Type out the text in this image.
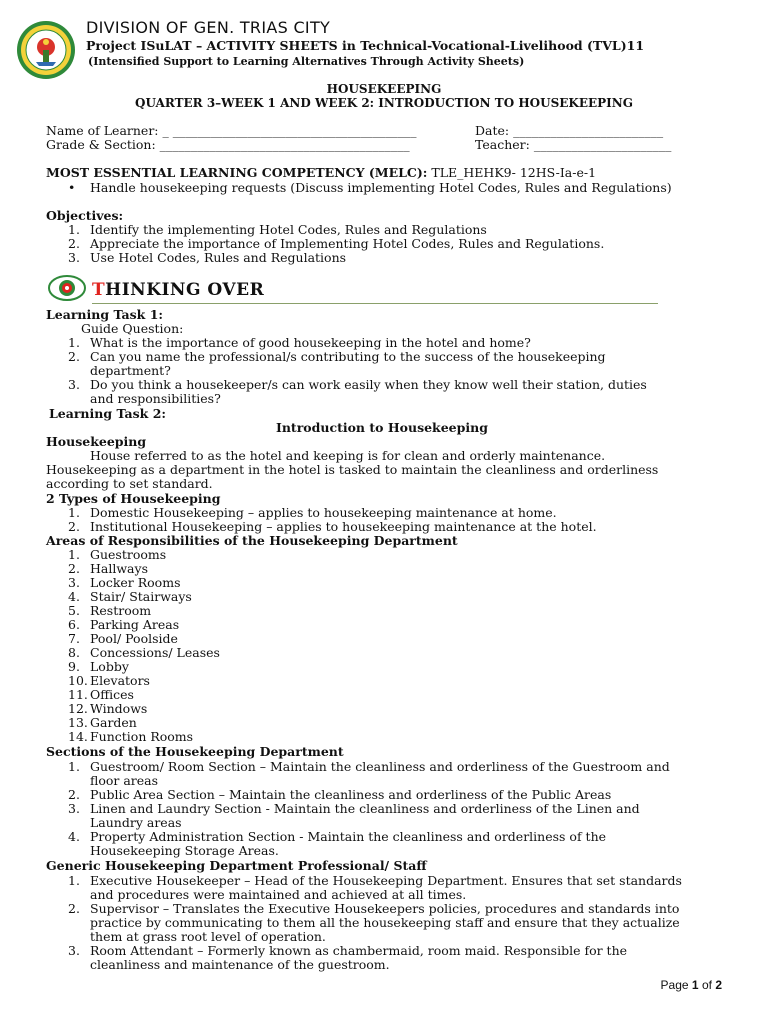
DIVISION OF GEN. TRIAS CITY
Project ISuLAT – ACTIVITY SHEETS in Technical-Vocational-Livelihood (TVL)11
(Intensified Support to Learning Alternatives Through Activity Sheets)
HOUSEKEEPING
QUARTER 3–WEEK 1 AND WEEK 2: INTRODUCTION TO HOUSEKEEPING
Name of Learner: _ _______________________________________	Date: ________________________
Grade & Section: ________________________________________	Teacher: ______________________
MOST ESSENTIAL LEARNING COMPETENCY (MELC): TLE_HEHK9- 12HS-Ia-e-1
• Handle housekeeping requests (Discuss implementing Hotel Codes, Rules and Regulations)
Objectives:
1. Identify the implementing Hotel Codes, Rules and Regulations
2. Appreciate the importance of Implementing Hotel Codes, Rules and Regulations.
3. Use Hotel Codes, Rules and Regulations
THINKING OVER
Learning Task 1:
Guide Question:
1. What is the importance of good housekeeping in the hotel and home?
2. Can you name the professional/s contributing to the success of the housekeeping
department?
3. Do you think a housekeeper/s can work easily when they know well their station, duties
and responsibilities?
Learning Task 2:
Introduction to Housekeeping
Housekeeping
House referred to as the hotel and keeping is for clean and orderly maintenance.
Housekeeping as a department in the hotel is tasked to maintain the cleanliness and orderliness
according to set standard.
2 Types of Housekeeping
1. Domestic Housekeeping – applies to housekeeping maintenance at home.
2. Institutional Housekeeping – applies to housekeeping maintenance at the hotel.
Areas of Responsibilities of the Housekeeping Department
1. Guestrooms
2. Hallways
3. Locker Rooms
4. Stair/ Stairways
5. Restroom
6. Parking Areas
7. Pool/ Poolside
8. Concessions/ Leases
9. Lobby
10. Elevators
11. Offices
12. Windows
13. Garden
14. Function Rooms
Sections of the Housekeeping Department
1. Guestroom/ Room Section – Maintain the cleanliness and orderliness of the Guestroom and
floor areas
2. Public Area Section – Maintain the cleanliness and orderliness of the Public Areas
3. Linen and Laundry Section - Maintain the cleanliness and orderliness of the Linen and
Laundry areas
4. Property Administration Section - Maintain the cleanliness and orderliness of the
Housekeeping Storage Areas.
Generic Housekeeping Department Professional/ Staff
1. Executive Housekeeper – Head of the Housekeeping Department. Ensures that set standards
and procedures were maintained and achieved at all times.
2. Supervisor – Translates the Executive Housekeepers policies, procedures and standards into
practice by communicating to them all the housekeeping staff and ensure that they actualize
them at grass root level of operation.
3. Room Attendant – Formerly known as chambermaid, room maid. Responsible for the
cleanliness and maintenance of the guestroom.
Page 1 of 2
